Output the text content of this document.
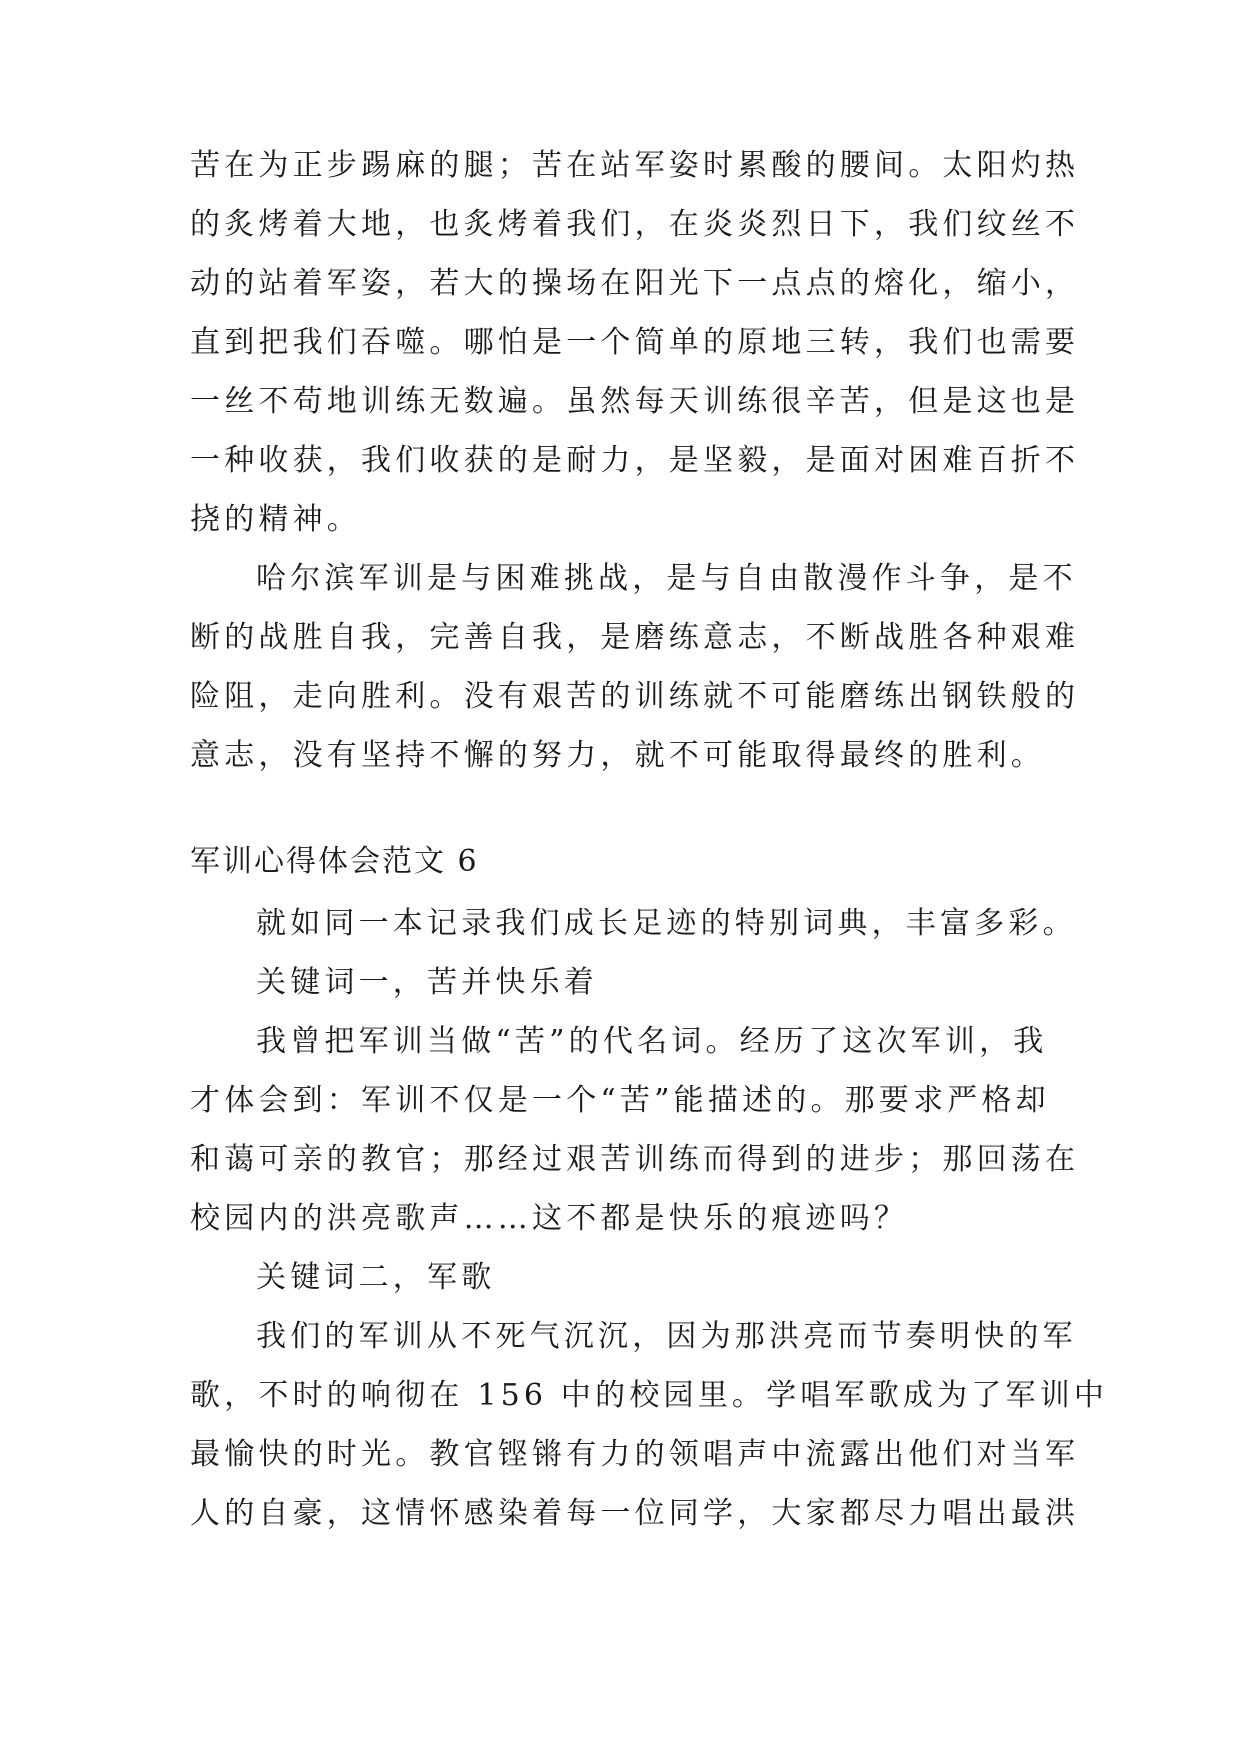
苦在为正步踢麻的腿；苦在站军姿时累酸的腰间。太阳灼热
的炙烤着大地，也炙烤着我们，在炎炎烈日下，我们纹丝不
动的站着军姿，若大的操场在阳光下一点点的熔化，缩小，
直到把我们吞噬。哪怕是一个简单的原地三转，我们也需要
一丝不苟地训练无数遍。虽然每天训练很辛苦，但是这也是
一种收获，我们收获的是耐力，是坚毅，是面对困难百折不
挠的精神。
哈尔滨军训是与困难挑战，是与自由散漫作斗争，是不
断的战胜自我，完善自我，是磨练意志，不断战胜各种艰难
险阻，走向胜利。没有艰苦的训练就不可能磨练出钢铁般的
意志，没有坚持不懈的努力，就不可能取得最终的胜利。
军训心得体会范文 6
就如同一本记录我们成长足迹的特别词典，丰富多彩。
关键词一，苦并快乐着
我曾把军训当做“苦”的代名词。经历了这次军训，我
才体会到：军训不仅是一个“苦”能描述的。那要求严格却
和蔼可亲的教官；那经过艰苦训练而得到的进步；那回荡在
校园内的洪亮歌声……这不都是快乐的痕迹吗？
关键词二，军歌
我们的军训从不死气沉沉，因为那洪亮而节奏明快的军
歌，不时的响彻在 156 中的校园里。学唱军歌成为了军训中
最愉快的时光。教官铿锵有力的领唱声中流露出他们对当军
人的自豪，这情怀感染着每一位同学，大家都尽力唱出最洪
